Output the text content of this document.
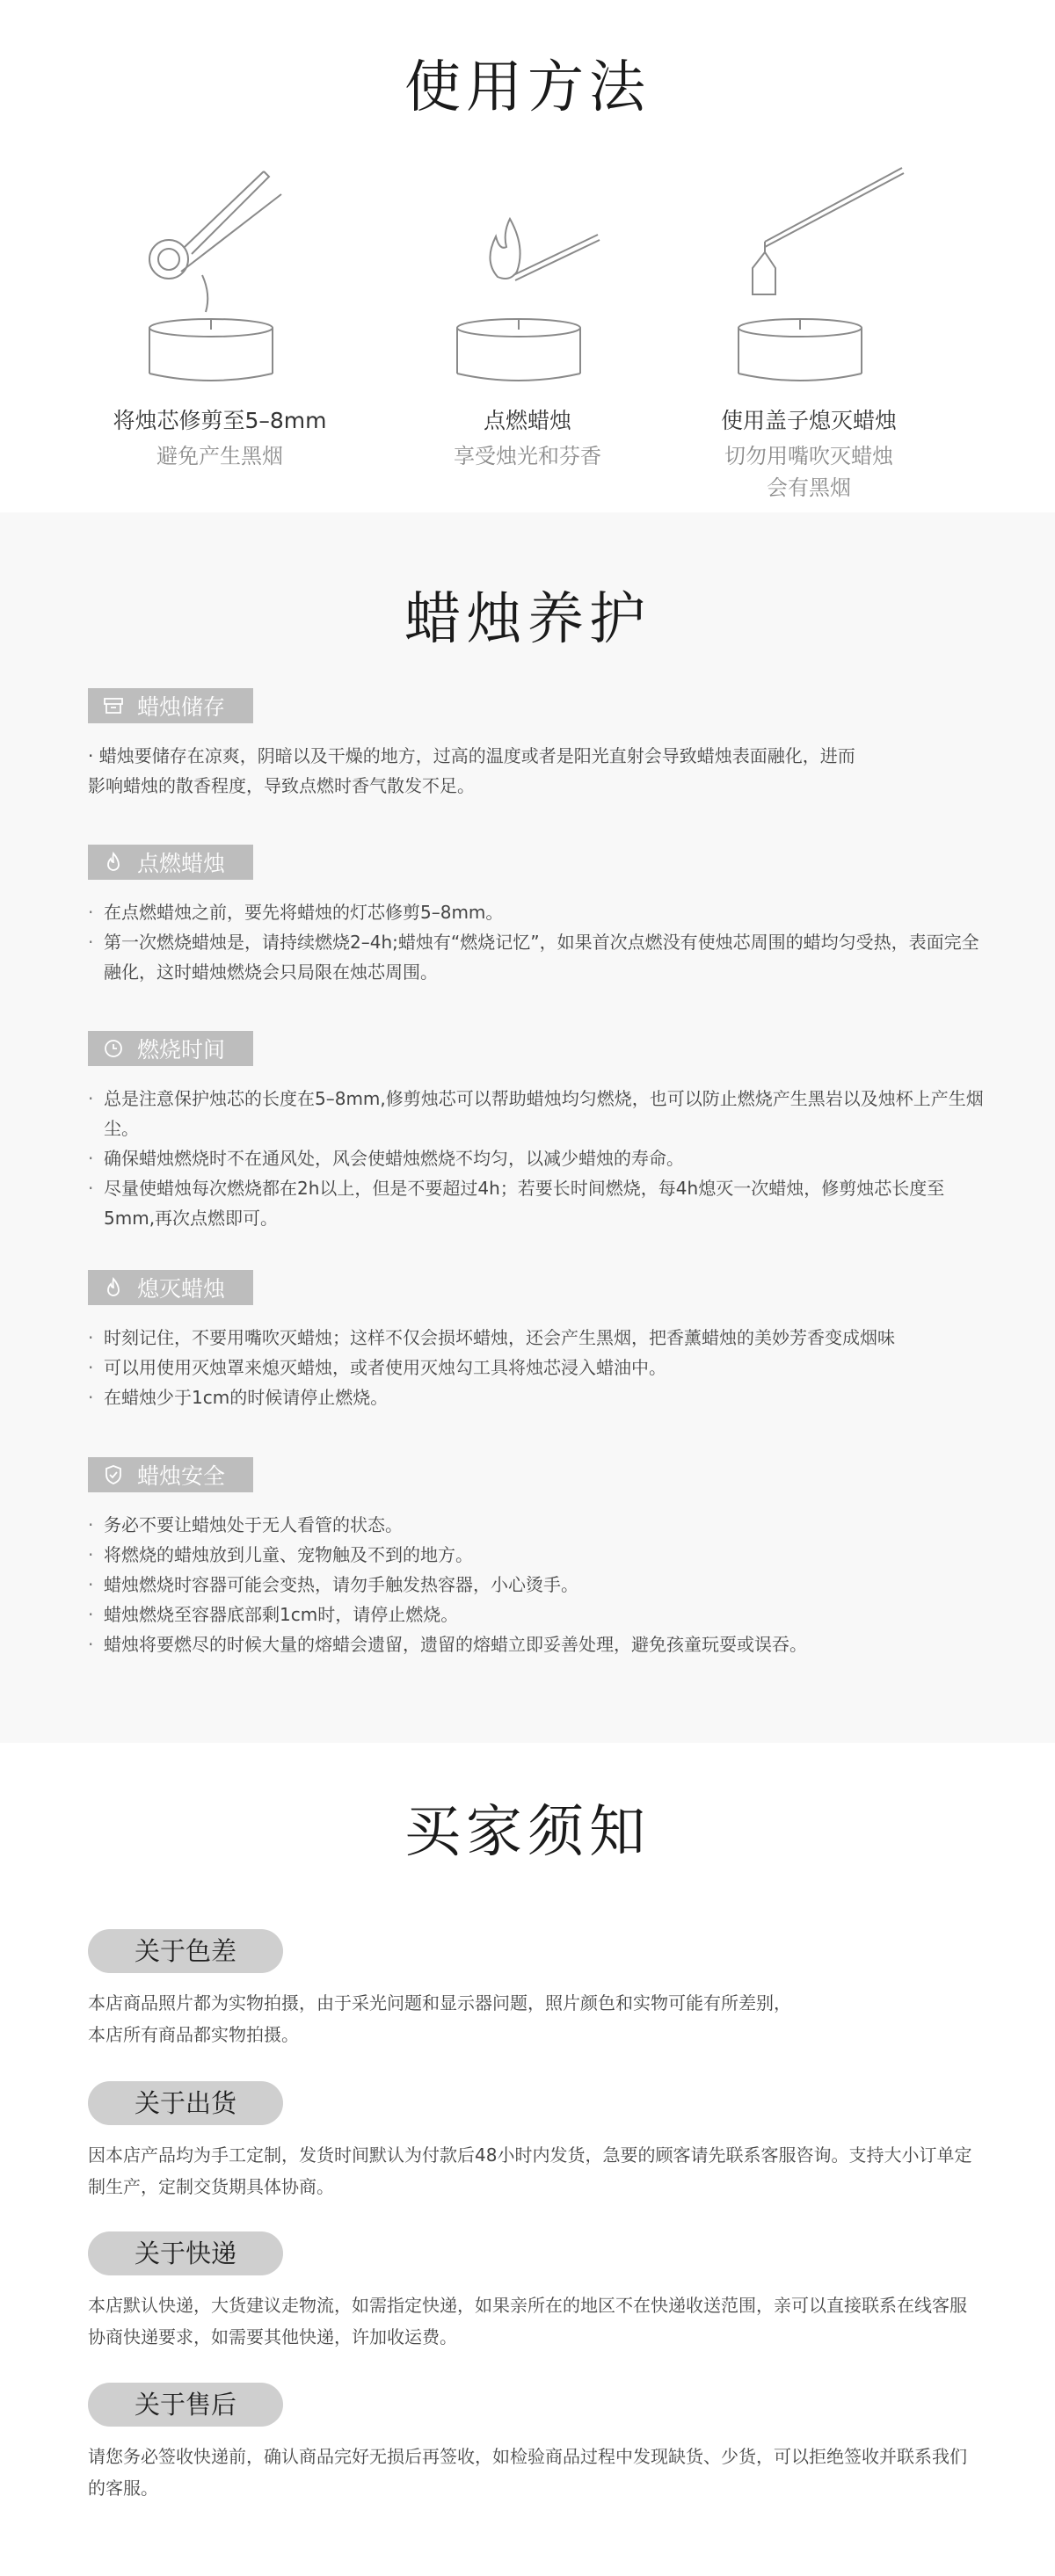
使用方法
将烛芯修剪至5–8mm
避免产生黑烟
点燃蜡烛
享受烛光和芬香
使用盖子熄灭蜡烛
切勿用嘴吹灭蜡烛
会有黑烟
蜡烛养护
蜡烛储存
· 蜡烛要储存在凉爽，阴暗以及干燥的地方，过高的温度或者是阳光直射会导致蜡烛表面融化，进而
影响蜡烛的散香程度，导致点燃时香气散发不足。
点燃蜡烛
· 在点燃蜡烛之前，要先将蜡烛的灯芯修剪5–8mm。
· 第一次燃烧蜡烛是，请持续燃烧2–4h;蜡烛有“燃烧记忆”，如果首次点燃没有使烛芯周围的蜡均匀受热，表面完全融化，这时蜡烛燃烧会只局限在烛芯周围。
燃烧时间
· 总是注意保护烛芯的长度在5–8mm,修剪烛芯可以帮助蜡烛均匀燃烧，也可以防止燃烧产生黑岩以及烛杯上产生烟尘。
· 确保蜡烛燃烧时不在通风处，风会使蜡烛燃烧不均匀，以减少蜡烛的寿命。
· 尽量使蜡烛每次燃烧都在2h以上，但是不要超过4h；若要长时间燃烧，每4h熄灭一次蜡烛，修剪烛芯长度至5mm,再次点燃即可。
熄灭蜡烛
· 时刻记住，不要用嘴吹灭蜡烛；这样不仅会损坏蜡烛，还会产生黑烟，把香薰蜡烛的美妙芳香变成烟味
· 可以用使用灭烛罩来熄灭蜡烛，或者使用灭烛勾工具将烛芯浸入蜡油中。
· 在蜡烛少于1cm的时候请停止燃烧。
蜡烛安全
· 务必不要让蜡烛处于无人看管的状态。
· 将燃烧的蜡烛放到儿童、宠物触及不到的地方。
· 蜡烛燃烧时容器可能会变热，请勿手触发热容器，小心烫手。
· 蜡烛燃烧至容器底部剩1cm时，请停止燃烧。
· 蜡烛将要燃尽的时候大量的熔蜡会遗留，遗留的熔蜡立即妥善处理，避免孩童玩耍或误吞。
买家须知
关于色差

本店商品照片都为实物拍摄，由于采光问题和显示器问题，照片颜色和实物可能有所差别，
本店所有商品都实物拍摄。

关于出货

因本店产品均为手工定制，发货时间默认为付款后48小时内发货，急要的顾客请先联系客服咨询。支持大小订单定制生产，定制交货期具体协商。

关于快递

本店默认快递，大货建议走物流，如需指定快递，如果亲所在的地区不在快递收送范围，亲可以直接联系在线客服协商快递要求，如需要其他快递，许加收运费。

关于售后

请您务必签收快递前，确认商品完好无损后再签收，如检验商品过程中发现缺货、少货，可以拒绝签收并联系我们的客服。
